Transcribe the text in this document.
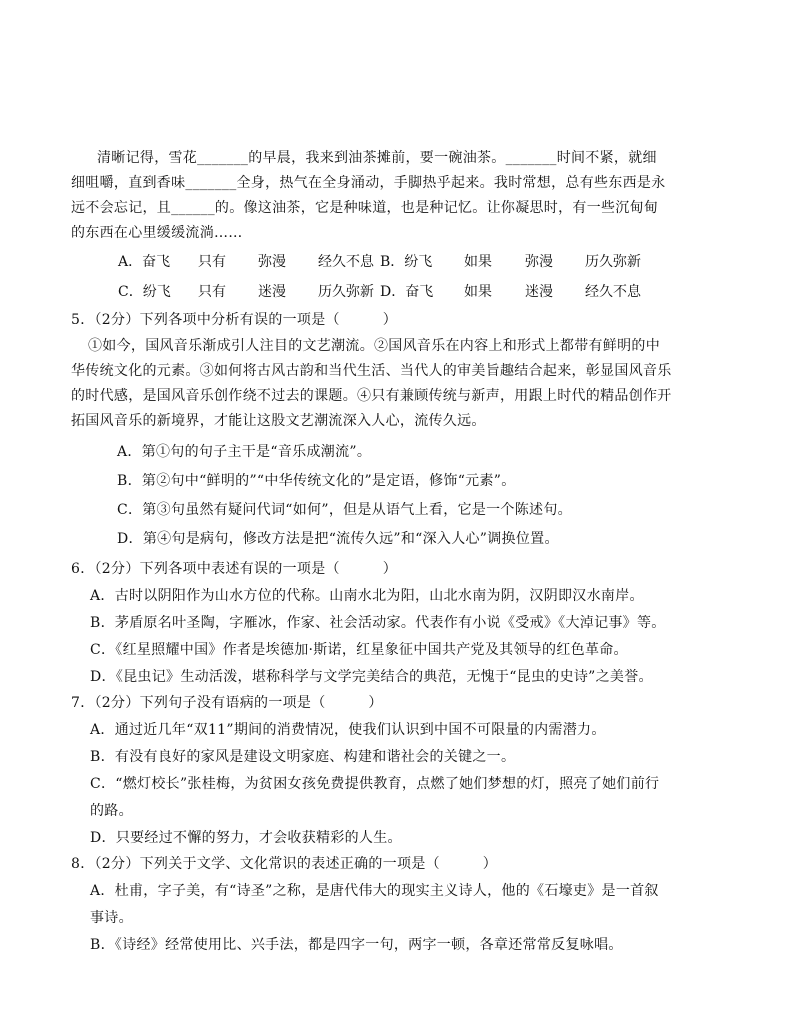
清晰记得，雪花_______的早晨，我来到油茶摊前，要一碗油茶。_______时间不紧，就细
细咀嚼，直到香味_______全身，热气在全身涌动，手脚热乎起来。我时常想，总有些东西是永
远不会忘记，且______的。像这油茶，它是种味道，也是种记忆。让你凝思时，有一些沉甸甸
的东西在心里缓缓流淌……
A．奋飞 只有 弥漫 经久不息 B．纷飞 如果 弥漫 历久弥新
C．纷飞 只有 迷漫 历久弥新 D．奋飞 如果 迷漫 经久不息
5．（2分）下列各项中分析有误的一项是（　　　）
①如今，国风音乐渐成引人注目的文艺潮流。②国风音乐在内容上和形式上都带有鲜明的中
华传统文化的元素。③如何将古风古韵和当代生活、当代人的审美旨趣结合起来，彰显国风音乐
的时代感，是国风音乐创作绕不过去的课题。④只有兼顾传统与新声，用跟上时代的精品创作开
拓国风音乐的新境界，才能让这股文艺潮流深入人心，流传久远。
A．第①句的句子主干是“音乐成潮流”。
B．第②句中“鲜明的”“中华传统文化的”是定语，修饰“元素”。
C．第③句虽然有疑问代词“如何”，但是从语气上看，它是一个陈述句。
D．第④句是病句，修改方法是把“流传久远”和“深入人心”调换位置。
6．（2分）下列各项中表述有误的一项是（　　　）
A．古时以阴阳作为山水方位的代称。山南水北为阳，山北水南为阴，汉阴即汉水南岸。
B．茅盾原名叶圣陶，字雁冰，作家、社会活动家。代表作有小说《受戒》《大淖记事》等。
C．《红星照耀中国》作者是埃德加·斯诺，红星象征中国共产党及其领导的红色革命。
D．《昆虫记》生动活泼，堪称科学与文学完美结合的典范，无愧于“昆虫的史诗”之美誉。
7．（2分）下列句子没有语病的一项是（　　　）
A．通过近几年“双11”期间的消费情况，使我们认识到中国不可限量的内需潜力。
B．有没有良好的家风是建设文明家庭、构建和谐社会的关键之一。
C．“燃灯校长”张桂梅，为贫困女孩免费提供教育，点燃了她们梦想的灯，照亮了她们前行
的路。
D．只要经过不懈的努力，才会收获精彩的人生。
8．（2分）下列关于文学、文化常识的表述正确的一项是（　　　）
A．杜甫，字子美，有“诗圣”之称，是唐代伟大的现实主义诗人，他的《石壕吏》是一首叙
事诗。
B．《诗经》经常使用比、兴手法，都是四字一句，两字一顿，各章还常常反复咏唱。
